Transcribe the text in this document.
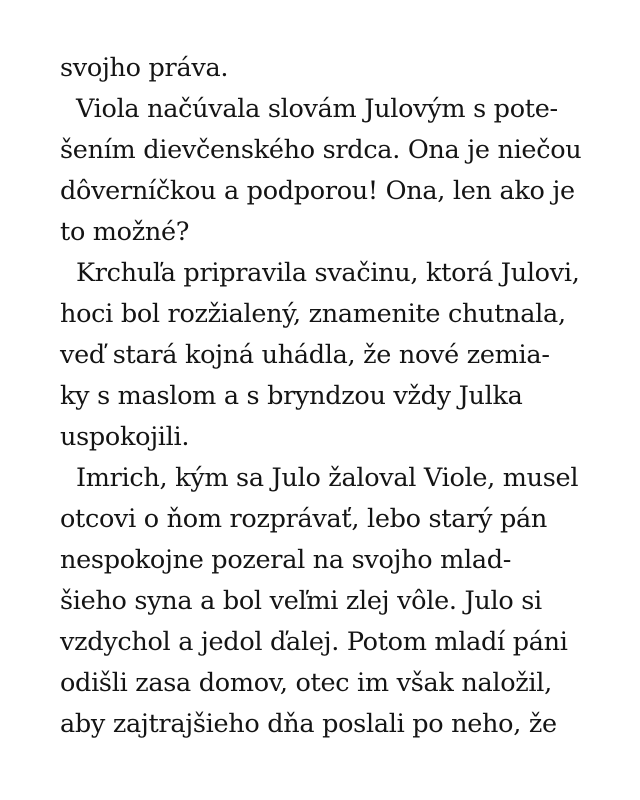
svojho práva.
Viola načúvala slovám Julovým s pote-
šením dievčenského srdca. Ona je niečou
dôverníčkou a podporou! Ona, len ako je
to možné?
Krchuľa pripravila svačinu, ktorá Julovi,
hoci bol rozžialený, znamenite chutnala,
veď stará kojná uhádla, že nové zemia-
ky s maslom a s bryndzou vždy Julka
uspokojili.
Imrich, kým sa Julo žaloval Viole, musel
otcovi o ňom rozprávať, lebo starý pán
nespokojne pozeral na svojho mlad-
šieho syna a bol veľmi zlej vôle. Julo si
vzdychol a jedol ďalej. Potom mladí páni
odišli zasa domov, otec im však naložil,
aby zajtrajšieho dňa poslali po neho, že
